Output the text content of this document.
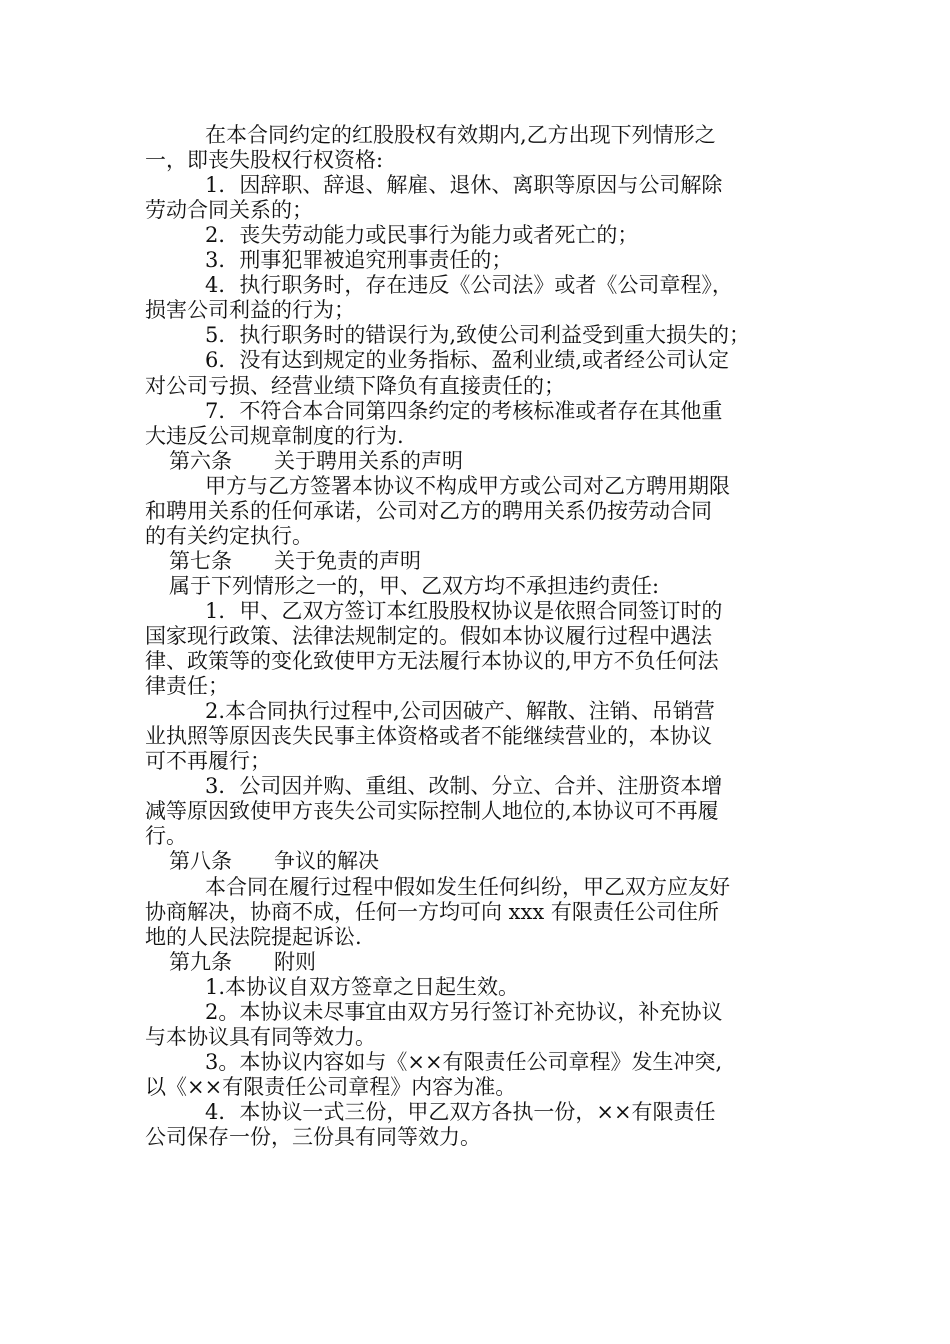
在本合同约定的红股股权有效期内,乙方出现下列情形之
一，即丧失股权行权资格:
1．因辞职、辞退、解雇、退休、离职等原因与公司解除
劳动合同关系的；
2．丧失劳动能力或民事行为能力或者死亡的；
3．刑事犯罪被追究刑事责任的；
4．执行职务时，存在违反《公司法》或者《公司章程》，
损害公司利益的行为；
5．执行职务时的错误行为,致使公司利益受到重大损失的；
6．没有达到规定的业务指标、盈利业绩,或者经公司认定
对公司亏损、经营业绩下降负有直接责任的；
7．不符合本合同第四条约定的考核标准或者存在其他重
大违反公司规章制度的行为.
第六条　　关于聘用关系的声明
甲方与乙方签署本协议不构成甲方或公司对乙方聘用期限
和聘用关系的任何承诺，公司对乙方的聘用关系仍按劳动合同
的有关约定执行。
第七条　　关于免责的声明
属于下列情形之一的，甲、乙双方均不承担违约责任:
1．甲、乙双方签订本红股股权协议是依照合同签订时的
国家现行政策、法律法规制定的。假如本协议履行过程中遇法
律、政策等的变化致使甲方无法履行本协议的,甲方不负任何法
律责任；
2.本合同执行过程中,公司因破产、解散、注销、吊销营
业执照等原因丧失民事主体资格或者不能继续营业的，本协议
可不再履行；
3．公司因并购、重组、改制、分立、合并、注册资本增
减等原因致使甲方丧失公司实际控制人地位的,本协议可不再履
行。
第八条　　争议的解决
本合同在履行过程中假如发生任何纠纷，甲乙双方应友好
协商解决，协商不成，任何一方均可向 xxx 有限责任公司住所
地的人民法院提起诉讼.
第九条　　附则
1.本协议自双方签章之日起生效。
2。本协议未尽事宜由双方另行签订补充协议，补充协议
与本协议具有同等效力。
3。本协议内容如与《××有限责任公司章程》发生冲突,
以《××有限责任公司章程》内容为准。
4．本协议一式三份，甲乙双方各执一份，××有限责任
公司保存一份，三份具有同等效力。
